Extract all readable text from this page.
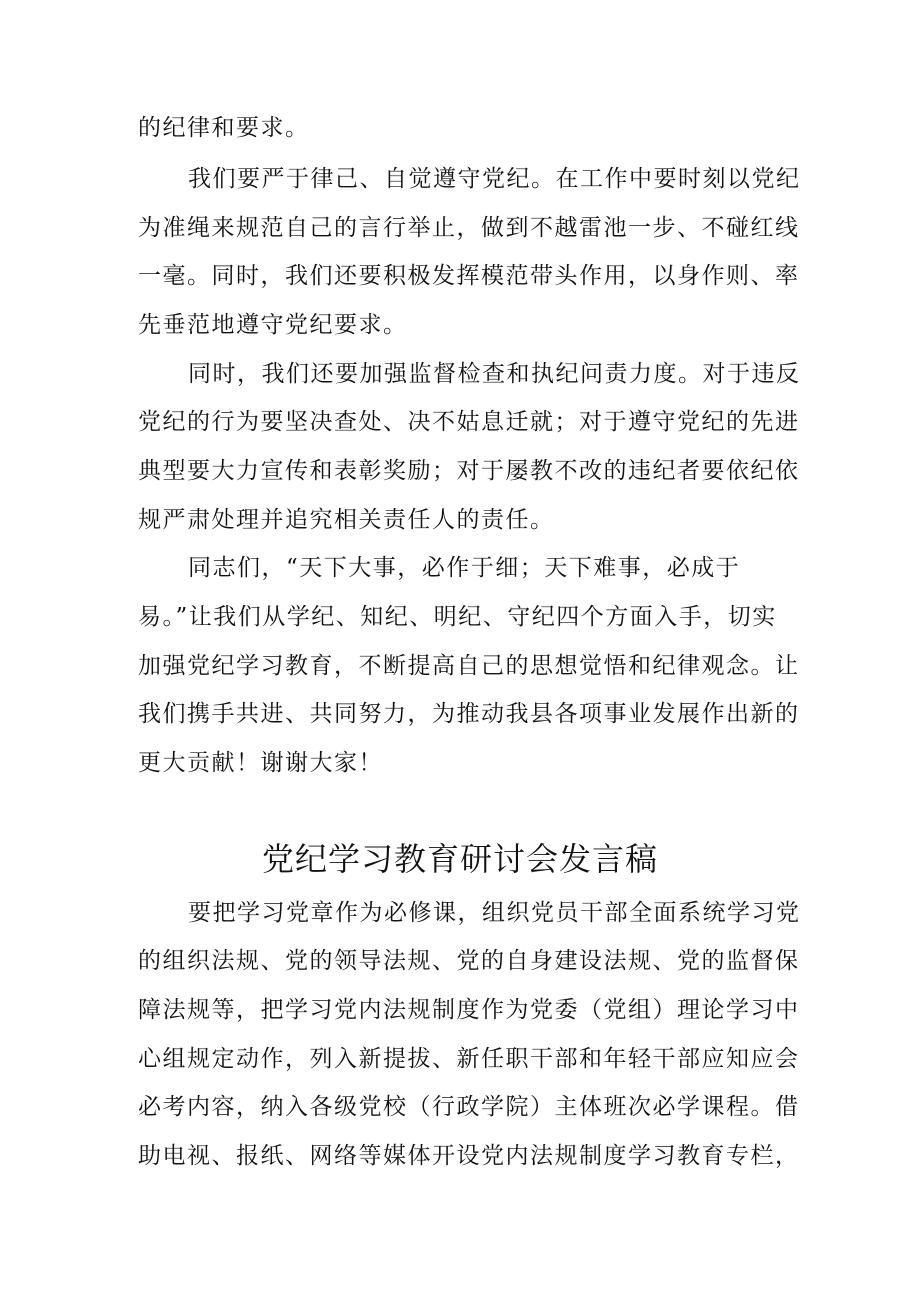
的纪律和要求。
我们要严于律己、自觉遵守党纪。在工作中要时刻以党纪
为准绳来规范自己的言行举止，做到不越雷池一步、不碰红线
一毫。同时，我们还要积极发挥模范带头作用，以身作则、率
先垂范地遵守党纪要求。
同时，我们还要加强监督检查和执纪问责力度。对于违反
党纪的行为要坚决查处、决不姑息迁就；对于遵守党纪的先进
典型要大力宣传和表彰奖励；对于屡教不改的违纪者要依纪依
规严肃处理并追究相关责任人的责任。
同志们，“天下大事，必作于细；天下难事，必成于
易。”让我们从学纪、知纪、明纪、守纪四个方面入手，切实
加强党纪学习教育，不断提高自己的思想觉悟和纪律观念。让
我们携手共进、共同努力，为推动我县各项事业发展作出新的
更大贡献！谢谢大家！
党纪学习教育研讨会发言稿
要把学习党章作为必修课，组织党员干部全面系统学习党
的组织法规、党的领导法规、党的自身建设法规、党的监督保
障法规等，把学习党内法规制度作为党委（党组）理论学习中
心组规定动作，列入新提拔、新任职干部和年轻干部应知应会
必考内容，纳入各级党校（行政学院）主体班次必学课程。借
助电视、报纸、网络等媒体开设党内法规制度学习教育专栏，
